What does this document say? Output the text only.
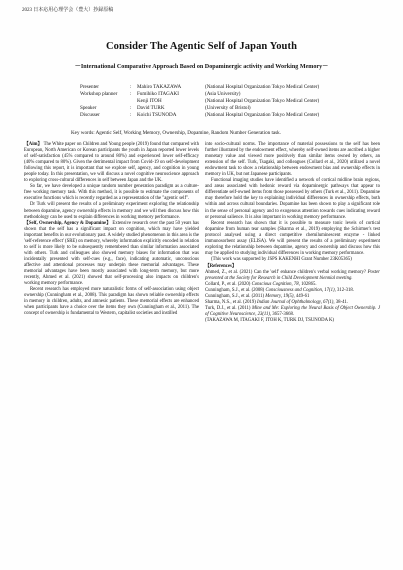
2023 日本応用心理学会（豊大）抄録原稿
Consider The Agentic Self of Japan Youth
－International Comparative Approach Based on Dopaminergic activity and Working Memory－
Presenter	: Mahiro TAKAZAWA	(National Hospital Organization Tokyo Medical Center)
Workshop planner : Fumihiko ITAGAKI	(Asia University)
Kenji ITOH	(National Hospital Organization Tokyo Medical Center)
Speaker	: David TURK	(University of Bristol)
Discusser	: Koichi TSUNODA	(National Hospital Organization Tokyo Medical Center)
Key words: Agentic Self, Working Memory, Ownership, Dopamine, Random Number Generation task.

【Aim】 The White paper on Children and Young people (2019) found that compared with European, North American or Korean participants the youth in Japan reported lower levels of self-satisfaction (45% compared to around 80%) and experienced lower self-efficacy (40% compared to 80%). Given the detrimental impact from Covid-19 on self-development following this report, it is important that we explore self, agency, and cognition in young people today. In this presentation, we will discuss a novel cognitive neuroscience approach to exploring cross-cultural differences in self between Japan and the UK.

So far, we have developed a unique random number generation paradigm as a culture-free working memory task. With this method, it is possible to estimate the components of executive functions which is recently regarded as a representation of the "agentic self".

Dr Turk will present the results of a preliminary experiment exploring the relationship between dopamine, agency ownership effects in memory and we will then discuss how this methodology can be used to explain differences in working memory performance.

【Self, Ownership, Agency & Dopamine】 Extensive research over the past 50 years has shown that the self has a significant impact on cognition, which may have yielded important benefits in our evolutionary past. A widely studied phenomenon in this area is the 'self-reference effect' (SRE) on memory, whereby information explicitly encoded in relation to self is more likely to be subsequently remembered than similar information associated with others. Turk and colleagues also showed memory biases for information that was incidentally presented with self-cues (e.g., face), indicating automatic, unconscious affective and attentional processes may underpin these memorial advantages. These memorial advantages have been mostly associated with long-term memory, but more recently, Ahmed et al. (2021) showed that self-processing also impacts on children's working memory performance.

Recent research has employed more naturalistic forms of self-association using object ownership (Cunningham et al., 2008). This paradigm has shown reliable ownership effects in memory in children, adults, and amnesic patients. These memorial effects are enhanced when participants have a choice over the items they own (Cunningham et al., 2011). The concept of ownership is fundamental to Western, capitalist societies and instilled

into socio-cultural norms. The importance of material possessions to the self has been further illustrated by the endowment effect, whereby self-owned items are ascribed a higher monetary value and viewed more positively than similar items owned by others, an extension of the self. Turk, Tsagaki, and colleagues (Collard et al., 2020) utilized a novel endowment task to show a relationship between endowment bias and ownership effects in memory in UK, but not Japanese participants.

Functional imaging studies have identified a network of cortical midline brain regions, and areas associated with hedonic reward via dopaminergic pathways that appear to differentiate self-owned items from those possessed by others (Turk et al., 2011). Dopamine may therefore hold the key to explaining individual differences in ownership effects, both within and across cultural boundaries. Dopamine has been shown to play a significant role in the sense of personal agency and to exogenous attention towards cues indicating reward or personal salience. It is also important in working memory performance.

Recent research has shown that it is possible to measure tonic levels of cortical dopamine from human tear samples (Sharma et al., 2019) employing the Schirmer's test protocol analysed using a direct competitive chemiluminescent enzyme - linked immunosorbent assay (ELISA). We will present the results of a preliminary experiment exploring the relationship between dopamine, agency and ownership and discuss how this may be applied to studying individual differences in working memory performance.

(This work was supported by JSPS KAKENHI Grant Number 23K05365)

【References】

Ahmed, Z., et al. (2021) Can the 'self' enhance children's verbal working memory? Poster presented at the Society for Research in Child Development biennial meeting.

Collard, P., et al. (2020) Conscious Cognition, 78, 102865.

Cunningham, S.J., et al. (2008) Consciousness and Cognition, 17(1), 312-318.

Cunningham, S.J., et al. (2011) Memory, 19(5), 449-61

Sharma, N.S., et al. (2019) Indian Journal of Ophthalmology, 67(1), 38-41.

Turk, D.J., et al. (2011) Mine and Me: Exploring the Neural Basis of Object Ownership. J of Cognitive Neuroscience, 23(11), 3657-3668.

(TAKAZAWA M, ITAGAKI F, ITOH K, TURK DJ, TSUNODA K)
